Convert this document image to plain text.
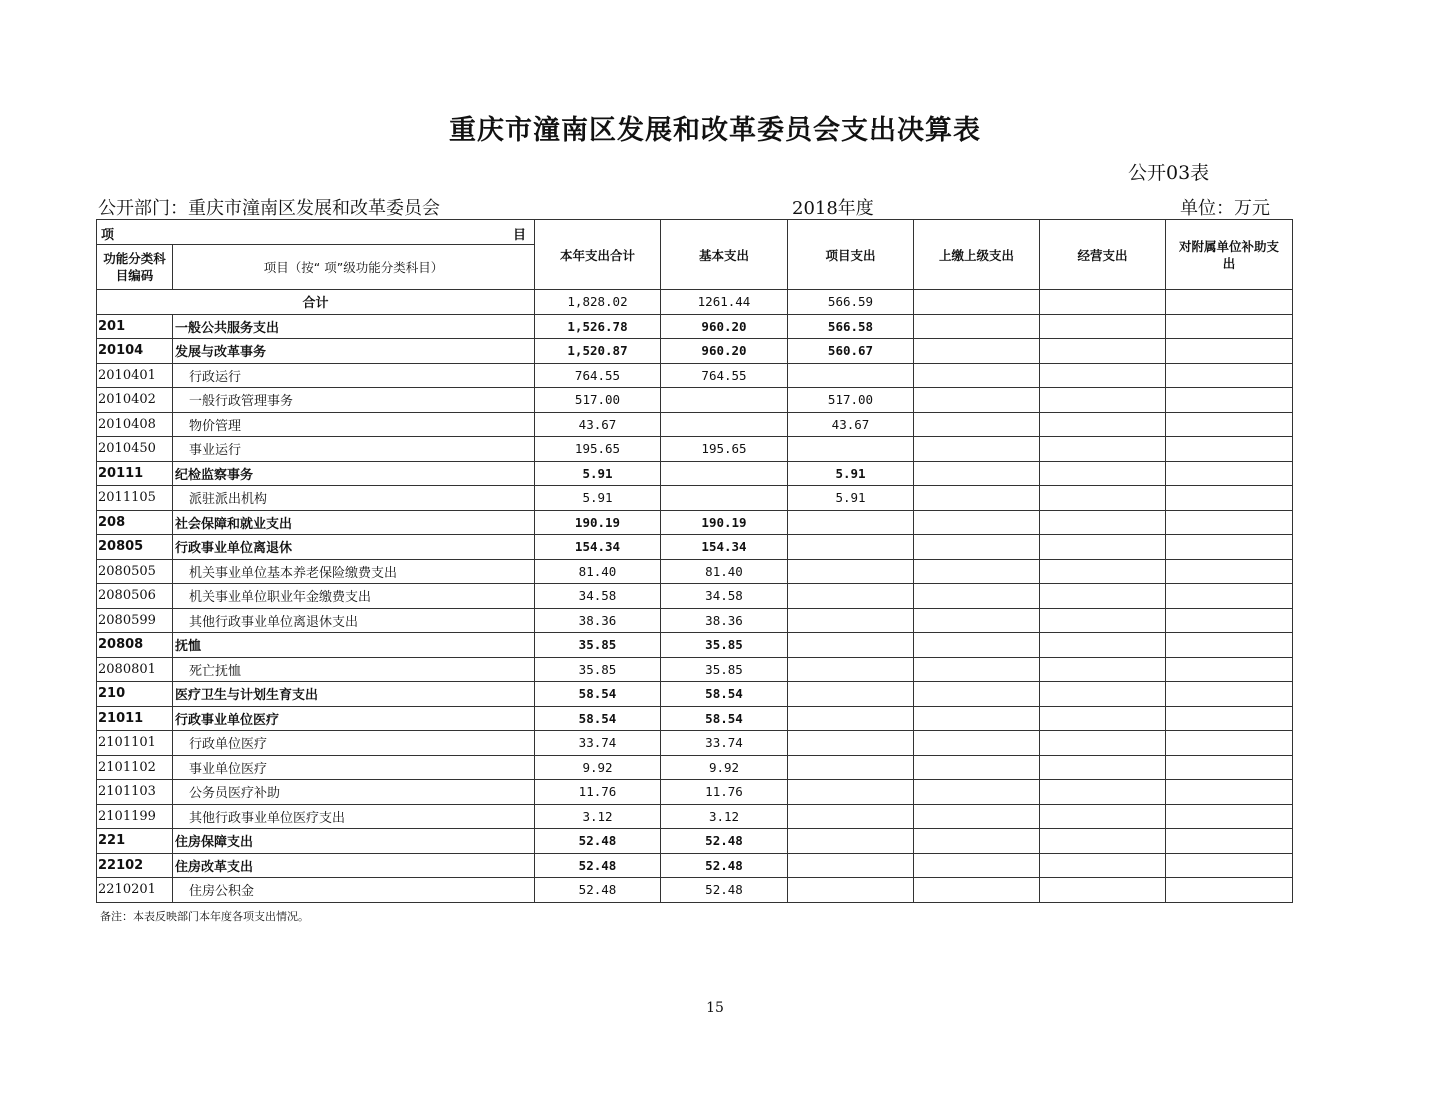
重庆市潼南区发展和改革委员会支出决算表
公开03表
公开部门：重庆市潼南区发展和改革委员会	2018年度	单位：万元
项 目		本年支出合计	基本支出	项目支出	上缴上级支出	经营支出	对附属单位补助支出
功能分类科目编码	项目（按“ 项”级功能分类科目）						
合计		1,828.02	1261.44	566.59			
201	一般公共服务支出	1,526.78	960.20	566.58			
20104	发展与改革事务	1,520.87	960.20	560.67			
2010401	行政运行	764.55	764.55				
2010402	一般行政管理事务	517.00		517.00			
2010408	物价管理	43.67		43.67			
2010450	事业运行	195.65	195.65				
20111	纪检监察事务	5.91		5.91			
2011105	派驻派出机构	5.91		5.91			
208	社会保障和就业支出	190.19	190.19				
20805	行政事业单位离退休	154.34	154.34				
2080505	机关事业单位基本养老保险缴费支出	81.40	81.40				
2080506	机关事业单位职业年金缴费支出	34.58	34.58				
2080599	其他行政事业单位离退休支出	38.36	38.36				
20808	抚恤	35.85	35.85				
2080801	死亡抚恤	35.85	35.85				
210	医疗卫生与计划生育支出	58.54	58.54				
21011	行政事业单位医疗	58.54	58.54				
2101101	行政单位医疗	33.74	33.74				
2101102	事业单位医疗	9.92	9.92				
2101103	公务员医疗补助	11.76	11.76				
2101199	其他行政事业单位医疗支出	3.12	3.12				
221	住房保障支出	52.48	52.48				
22102	住房改革支出	52.48	52.48				
2210201	住房公积金	52.48	52.48				
备注：本表反映部门本年度各项支出情况。
15
